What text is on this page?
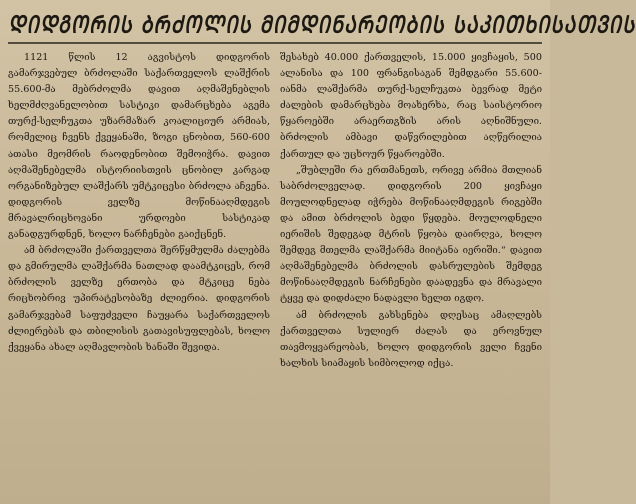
ᲓᲘᲓᲒᲝᲠᲘᲡ ᲑᲠᲫᲝᲚᲘᲡ ᲛᲘᲛᲓᲘᲜᲐᲠᲔᲝᲑᲘᲡ ᲡᲐᲙᲘᲗᲮᲘᲡᲐᲗᲕᲘᲡ

1121 წლის 12 აგვისტოს დიდგორის გამარჯვებულ ბრძოლაში საქართველოს ლაშქრის 55.600-მა მებრძოლმა დავით აღმაშენებლის ხელმძღვანელობით სასტიკი დამარცხება აგემა თურქ-სელჩუკთა უზარმაზარ კოალიციურ არმიას, რომელიც ჩვენს ქვეყანაში, ზოგი ცნობით, 560-600 ათასი მეომრის რაოდენობით შემოიჭრა. დავით აღმაშენებელმა ისტორიისთვის ცნობილ კარგად ორგანიზებულ ლაშქარს უმტკიცესი ბრძოლა აჩვენა. დიდგორის ველზე მოწინააღმდეგის მრავალრიცხოვანი ურდოები სასტიკად განადგურდნენ, ხოლო ნარჩენები გაიქცნენ.

ამ ბრძოლაში ქართველთა შერწყმულმა ძალებმა და გმირულმა ლაშქარმა ნათლად დაამტკიცეს, რომ ბრძოლის ველზე ერთობა და მტკიცე ნება რიცხობრივ უპირატესობაზე ძლიერია. დიდგორის გამარჯვებამ საფუძველი ჩაუყარა საქართველოს ძლიერებას და თბილისის გათავისუფლებას, ხოლო ქვეყანა ახალ აღმავლობის ხანაში შევიდა.

შესახებ 40.000 ქართველის, 15.000 ყივჩაყის, 500 ალანისა და 100 ფრანგისაგან შემდგარი 55.600-იანმა ლაშქარმა თურქ-სელჩუკთა ბევრად მეტი ძალების დამარცხება მოახერხა, რაც საისტორიო წყაროებში არაერთგზის არის აღნიშნული. ბრძოლის ამბავი დაწვრილებით აღწერილია ქართულ და უცხოურ წყაროებში.

„შუბლეში რა ერთმანეთს, ორივე არმია მთლიან საბრძოლველად. დიდგორის 200 ყივჩაყი მოულოდნელად იჭრება მოწინააღმდეგის რიგებში და ამით ბრძოლის ბედი წყდება. მოულოდნელი იერიშის შედეგად მტრის წყობა დაირღვა, ხოლო შემდეგ მთელმა ლაშქარმა მიიტანა იერიში.“ დავით აღმაშენებელმა ბრძოლის დასრულების შემდეგ მოწინააღმდეგის ნარჩენები დაადევნა და მრავალი ტყვე და დიდძალი ნადავლი ხელთ იგდო.

ამ ბრძოლის გახსენება დღესაც ამაღლებს ქართველთა სულიერ ძალას და ეროვნულ თავმოყვარეობას, ხოლო დიდგორის ველი ჩვენი ხალხის სიამაყის სიმბოლოდ იქცა.
